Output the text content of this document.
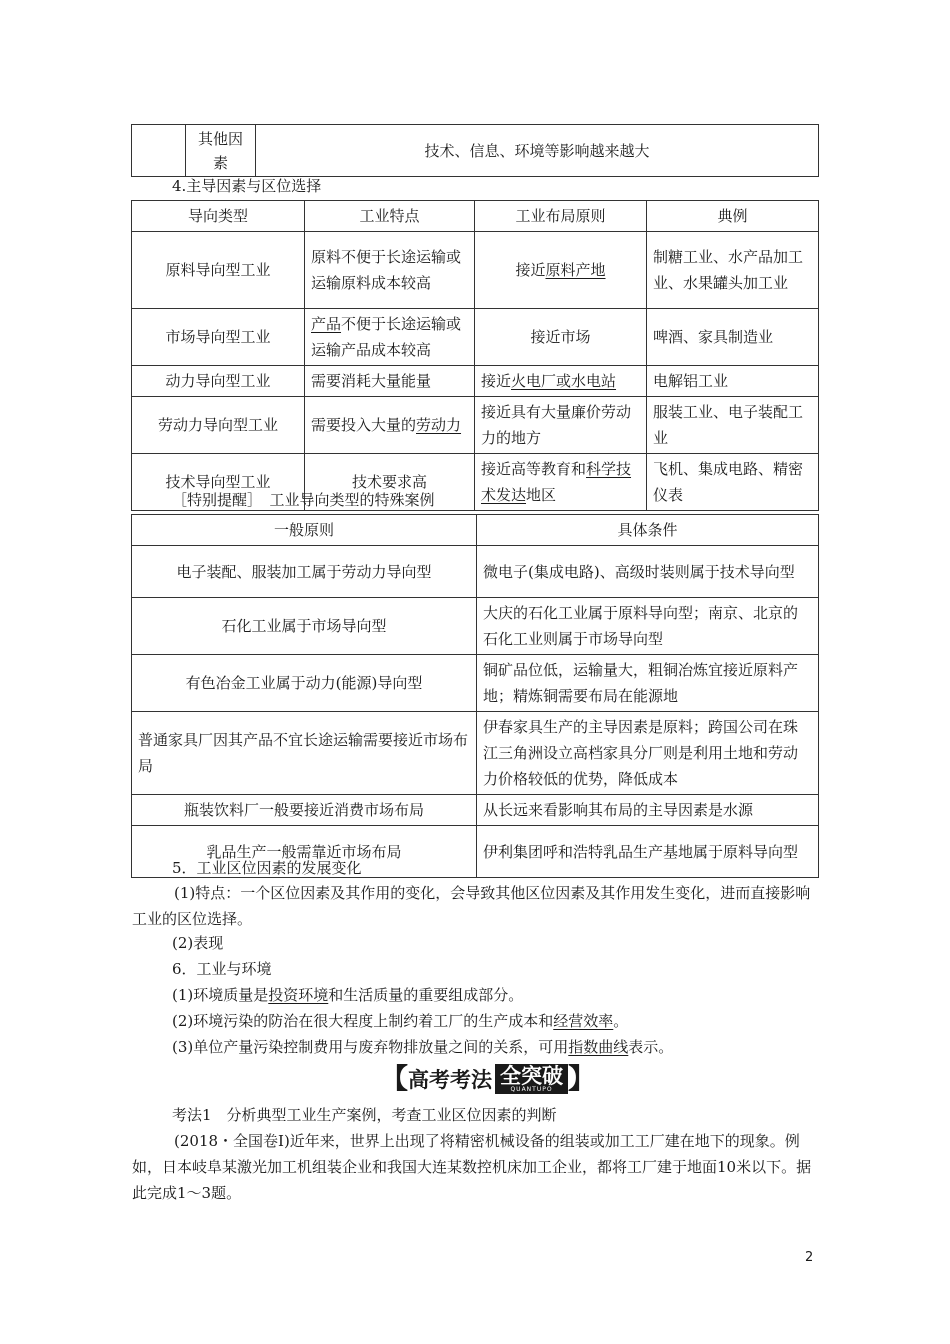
	其他因素	技术、信息、环境等影响越来越大
4.主导因素与区位选择
导向类型	工业特点	工业布局原则	典例
原料导向型工业	原料不便于长途运输或运输原料成本较高	接近原料产地	制糖工业、水产品加工业、水果罐头加工业
市场导向型工业	产品不便于长途运输或运输产品成本较高	接近市场	啤酒、家具制造业
动力导向型工业	需要消耗大量能量	接近火电厂或水电站	电解铝工业
劳动力导向型工业	需要投入大量的劳动力	接近具有大量廉价劳动力的地方	服装工业、电子装配工业
技术导向型工业	技术要求高	接近高等教育和科学技术发达地区	飞机、集成电路、精密仪表
［特别提醒］　工业导向类型的特殊案例
一般原则	具体条件
电子装配、服装加工属于劳动力导向型	微电子(集成电路)、高级时装则属于技术导向型
石化工业属于市场导向型	大庆的石化工业属于原料导向型；南京、北京的石化工业则属于市场导向型
有色冶金工业属于动力(能源)导向型	铜矿品位低，运输量大，粗铜冶炼宜接近原料产地；精炼铜需要布局在能源地
普通家具厂因其产品不宜长途运输需要接近市场布局	伊春家具生产的主导因素是原料；跨国公司在珠江三角洲设立高档家具分厂则是利用土地和劳动力价格较低的优势，降低成本
瓶装饮料厂一般要接近消费市场布局	从长远来看影响其布局的主导因素是水源
乳品生产一般需靠近市场布局	伊利集团呼和浩特乳品生产基地属于原料导向型
5．工业区位因素的发展变化
(1)特点：一个区位因素及其作用的变化，会导致其他区位因素及其作用发生变化，进而直接影响工业的区位选择。
(2)表现
6．工业与环境
(1)环境质量是投资环境和生活质量的重要组成部分。
(2)环境污染的防治在很大程度上制约着工厂的生产成本和经营效率。
(3)单位产量污染控制费用与废弃物排放量之间的关系，可用指数曲线表示。
【 高考考法 全突破
QUANTUPO 】
考法1　分析典型工业生产案例，考查工业区位因素的判断
(2018・全国卷Ⅰ)近年来，世界上出现了将精密机械设备的组装或加工工厂建在地下的现象。例如，日本岐阜某激光加工机组装企业和我国大连某数控机床加工企业，都将工厂建于地面10米以下。据此完成1～3题。
2
